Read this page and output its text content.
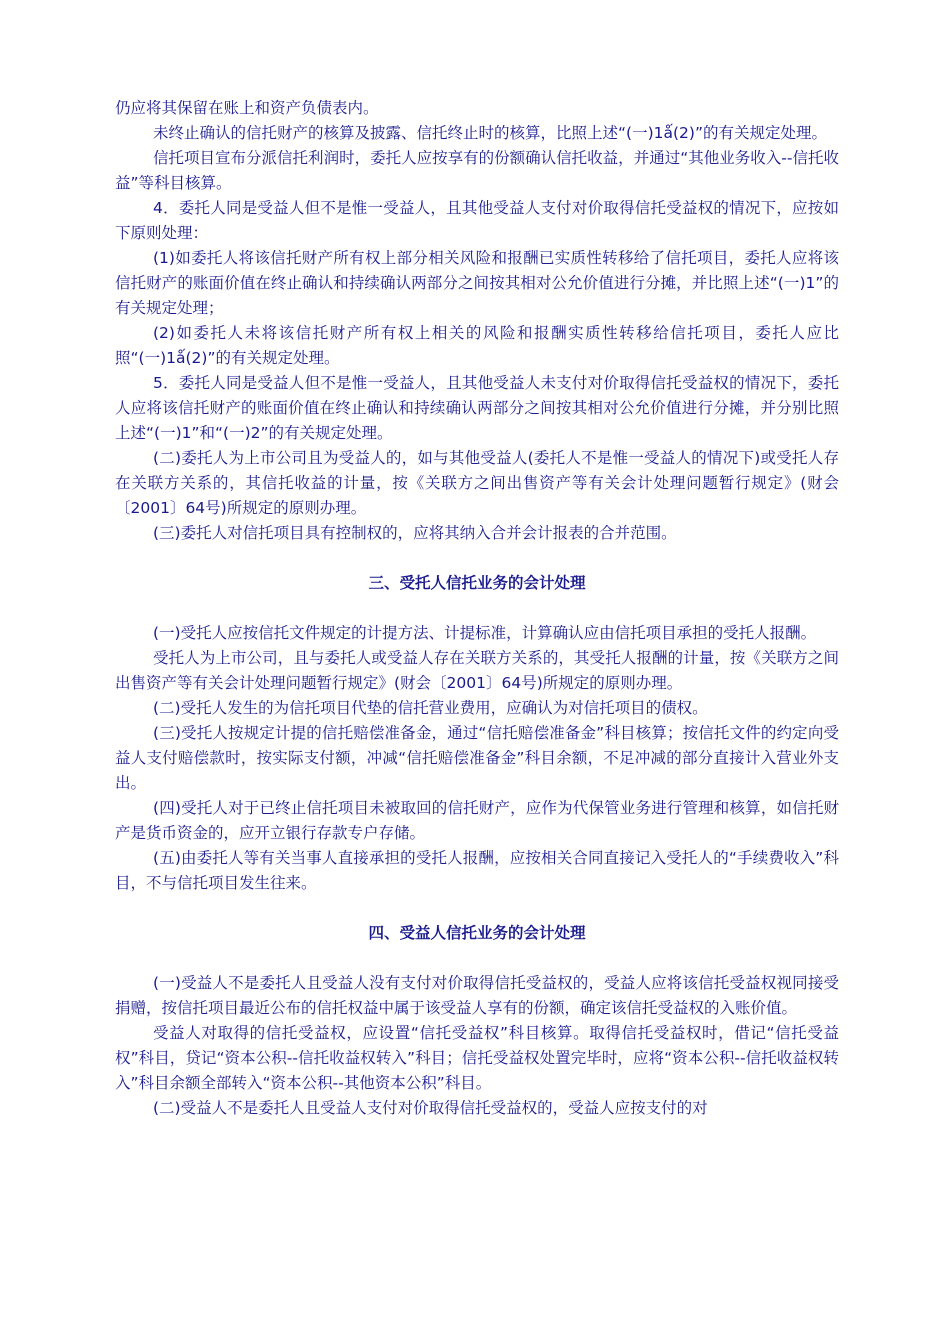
仍应将其保留在账上和资产负债表内。

未终止确认的信托财产的核算及披露、信托终止时的核算，比照上述“(一)1ǻ(2)”的有关规定处理。

信托项目宣布分派信托利润时，委托人应按享有的份额确认信托收益，并通过“其他业务收入--信托收益”等科目核算。

4．委托人同是受益人但不是惟一受益人，且其他受益人支付对价取得信托受益权的情况下，应按如下原则处理：

(1)如委托人将该信托财产所有权上部分相关风险和报酬已实质性转移给了信托项目，委托人应将该信托财产的账面价值在终止确认和持续确认两部分之间按其相对公允价值进行分摊，并比照上述“(一)1”的有关规定处理；

(2)如委托人未将该信托财产所有权上相关的风险和报酬实质性转移给信托项目，委托人应比照“(一)1ǻ(2)”的有关规定处理。

5．委托人同是受益人但不是惟一受益人，且其他受益人未支付对价取得信托受益权的情况下，委托人应将该信托财产的账面价值在终止确认和持续确认两部分之间按其相对公允价值进行分摊，并分别比照上述“(一)1”和“(一)2”的有关规定处理。

(二)委托人为上市公司且为受益人的，如与其他受益人(委托人不是惟一受益人的情况下)或受托人存在关联方关系的，其信托收益的计量，按《关联方之间出售资产等有关会计处理问题暂行规定》(财会〔2001〕64号)所规定的原则办理。

(三)委托人对信托项目具有控制权的，应将其纳入合并会计报表的合并范围。

三、受托人信托业务的会计处理

(一)受托人应按信托文件规定的计提方法、计提标准，计算确认应由信托项目承担的受托人报酬。

受托人为上市公司，且与委托人或受益人存在关联方关系的，其受托人报酬的计量，按《关联方之间出售资产等有关会计处理问题暂行规定》(财会〔2001〕64号)所规定的原则办理。

(二)受托人发生的为信托项目代垫的信托营业费用，应确认为对信托项目的债权。

(三)受托人按规定计提的信托赔偿准备金，通过“信托赔偿准备金”科目核算；按信托文件的约定向受益人支付赔偿款时，按实际支付额，冲减“信托赔偿准备金”科目余额，不足冲减的部分直接计入营业外支出。

(四)受托人对于已终止信托项目未被取回的信托财产，应作为代保管业务进行管理和核算，如信托财产是货币资金的，应开立银行存款专户存储。

(五)由委托人等有关当事人直接承担的受托人报酬，应按相关合同直接记入受托人的“手续费收入”科目，不与信托项目发生往来。

四、受益人信托业务的会计处理

(一)受益人不是委托人且受益人没有支付对价取得信托受益权的，受益人应将该信托受益权视同接受捐赠，按信托项目最近公布的信托权益中属于该受益人享有的份额，确定该信托受益权的入账价值。

受益人对取得的信托受益权，应设置“信托受益权”科目核算。取得信托受益权时，借记“信托受益权”科目，贷记“资本公积--信托收益权转入”科目；信托受益权处置完毕时，应将“资本公积--信托收益权转入”科目余额全部转入“资本公积--其他资本公积”科目。

(二)受益人不是委托人且受益人支付对价取得信托受益权的，受益人应按支付的对
